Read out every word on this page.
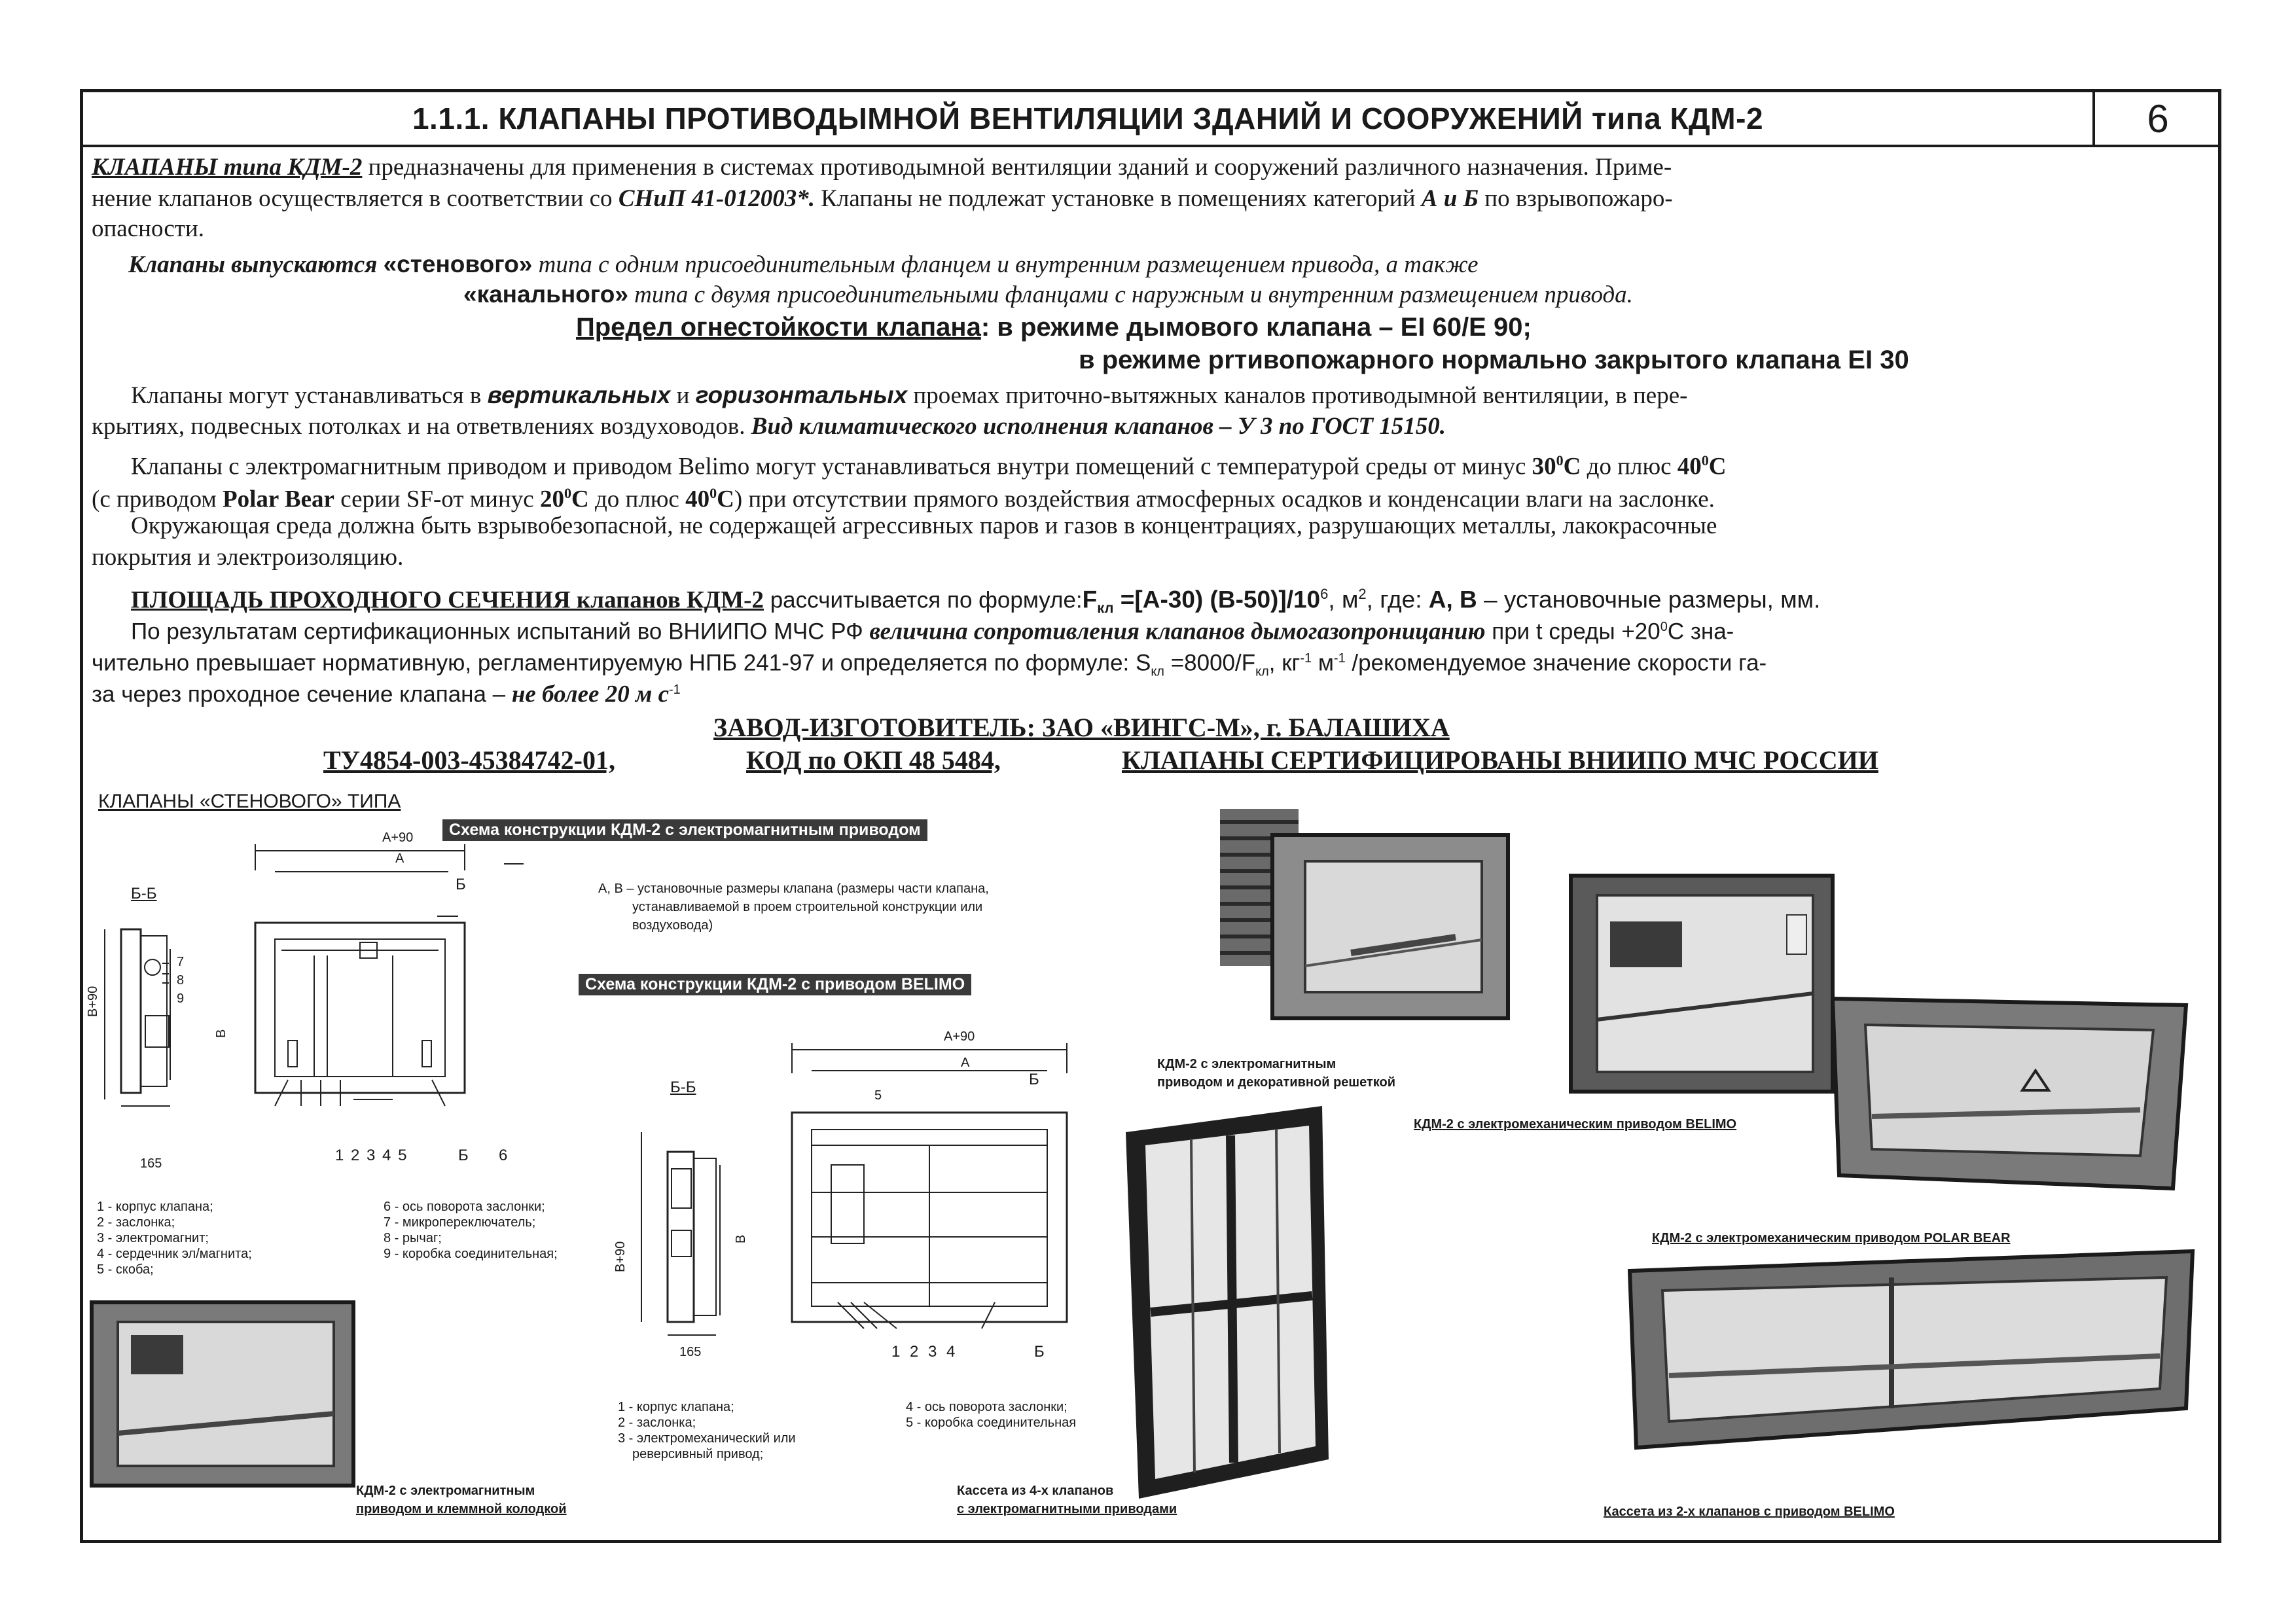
1.1.1. КЛАПАНЫ ПРОТИВОДЫМНОЙ ВЕНТИЛЯЦИИ ЗДАНИЙ И СООРУЖЕНИЙ типа КДМ-2	6
КЛАПАНЫ типа КДМ-2 предназначены для применения в системах противодымной вентиляции зданий и сооружений различного назначения. Приме-
нение клапанов осуществляется в соответствии со СНиП 41-012003*. Клапаны не подлежат установке в помещениях категорий А и Б по взрывопожаро-
опасности.
Клапаны выпускаются «стенового» типа с одним присоединительным фланцем и внутренним размещением привода, а также
«канального» типа с двумя присоединительными фланцами с наружным и внутренним размещением привода.
Предел огнестойкости клапана: в режиме дымового клапана – EI 60/E 90;
в режиме prтивопожарного нормально закрытого клапана EI 30
Клапаны могут устанавливаться в вертикальных и горизонтальных проемах приточно-вытяжных каналов противодымной вентиляции, в пере-
крытиях, подвесных потолках и на ответвлениях воздуховодов. Вид климатического исполнения клапанов – У 3 по ГОСТ 15150.
Клапаны с электромагнитным приводом и приводом Belimo могут устанавливаться внутри помещений с температурой среды от минус $30^0C$ до плюс $40^0C$
(с приводом Polar Bear серии SF-от минус $20^0C$ до плюс $40^0C$) при отсутствии прямого воздействия атмосферных осадков и конденсации влаги на заслонке.
Окружающая среда должна быть взрывобезопасной, не содержащей агрессивных паров и газов в концентрациях, разрушающих металлы, лакокрасочные
покрытия и электроизоляцию.
ПЛОЩАДЬ ПРОХОДНОГО СЕЧЕНИЯ клапанов КДМ-2 рассчитывается по $формуле:F_{кл} =[A-30)$ $(B-50)]/10^6$, $м^2$, где: А, В – установочные размеры, мм.
По результатам сертификационных испытаний во ВНИИПО МЧС РФ величина сопротивления клапанов дымогазопроницанию при t среды $+20^0С$ зна-
чительно превышает нормативную, регламентируемую НПБ 241-97 и определяется по формуле: $S_{кл} =8000/F_{кл}$, $кг^{-1}$ $м^{-1}$ /рекомендуемое значение скорости га-
за через проходное сечение клапана – не более 20 м $с^{-1}$
ЗАВОД-ИЗГОТОВИТЕЛЬ: ЗАО «ВИНГС-М», г. БАЛАШИХА
ТУ4854-003-45384742-01,	КОД по ОКП 48 5484,	КЛАПАНЫ СЕРТИФИЦИРОВАНЫ ВНИИПО МЧС РОССИИ
КЛАПАНЫ «СТЕНОВОГО» ТИПА
Схема конструкции КДМ-2 с электромагнитным приводом
Схема конструкции КДМ-2 с приводом BELIMO
А, В – установочные размеры клапана (размеры части клапана,
устанавливаемой в проем строительной конструкции или
воздуховода)
A+90
A
Б
Б-Б
B+90
B
165
7
8
9
1 2 3 4 5	Б 6
1 - корпус клапана;
2 - заслонка;
3 - электромагнит;
4 - сердечник эл/магнита;
5 - скоба;
6 - ось поворота заслонки;
7 - микропереключатель;
8 - рычаг;
9 - коробка соединительная;
A+90
A
5
Б
Б-Б
B+90
B
165	1 2 3 4	Б
1 - корпус клапана;
2 - заслонка;
3 - электромеханический или
реверсивный привод;
4 - ось поворота заслонки;
5 - коробка соединительная
КДМ-2 с электромагнитным
приводом и декоративной решеткой
КДМ-2 с электромеханическим приводом BELIMO
КДМ-2 с электромеханическим приводом POLAR BEAR
КДМ-2 с электромагнитным
приводом и клеммной колодкой
Кассета из 4-х клапанов
с электромагнитными приводами	Кассета из 2-х клапанов с приводом BELIMO
